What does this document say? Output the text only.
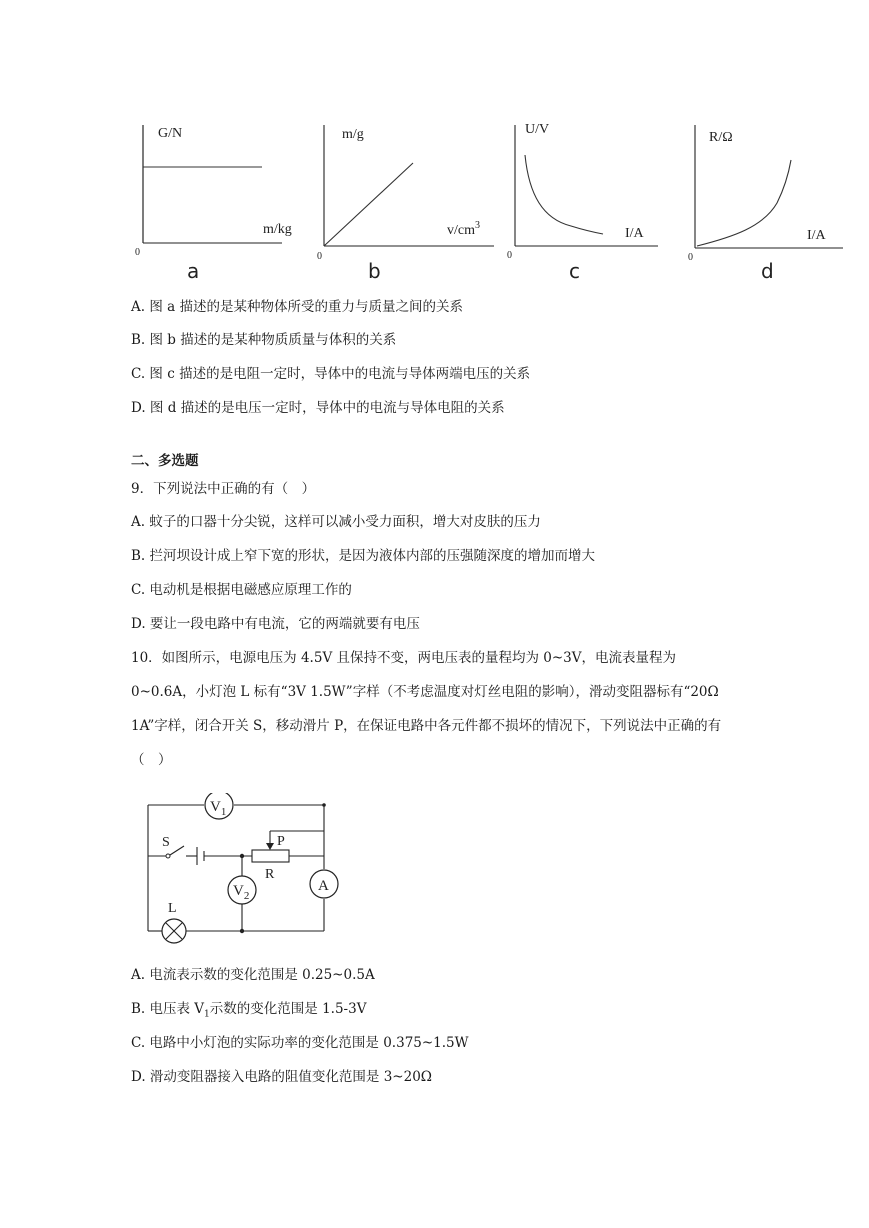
G/N
m/kg
0
a
m/g
$v/cm^3$
0
b
U/V
I/A
0
c
R/Ω
I/A
0
d
A. 图 a 描述的是某种物体所受的重力与质量之间的关系
B. 图 b 描述的是某种物质质量与体积的关系
C. 图 c 描述的是电阻一定时，导体中的电流与导体两端电压的关系
D. 图 d 描述的是电压一定时，导体中的电流与导体电阻的关系
二、多选题
9．下列说法中正确的有（　）
A. 蚊子的口器十分尖锐，这样可以减小受力面积，增大对皮肤的压力
B. 拦河坝设计成上窄下宽的形状，是因为液体内部的压强随深度的增加而增大
C. 电动机是根据电磁感应原理工作的
D. 要让一段电路中有电流，它的两端就要有电压
10．如图所示，电源电压为 4.5V 且保持不变，两电压表的量程均为 0~3V，电流表量程为 0~0.6A，小灯泡 L 标有“3V 1.5W”字样（不考虑温度对灯丝电阻的影响），滑动变阻器标有“20Ω 1A”字样，闭合开关 S，移动滑片 P，在保证电路中各元件都不损坏的情况下，下列说法中正确的有（　）
$V_1$
$V_2$
A
S	P
R
L
A. 电流表示数的变化范围是 0.25~0.5A
B. 电压表 $V_1$示数的变化范围是 1.5-3V
C. 电路中小灯泡的实际功率的变化范围是 0.375~1.5W
D. 滑动变阻器接入电路的阻值变化范围是 3~20Ω
